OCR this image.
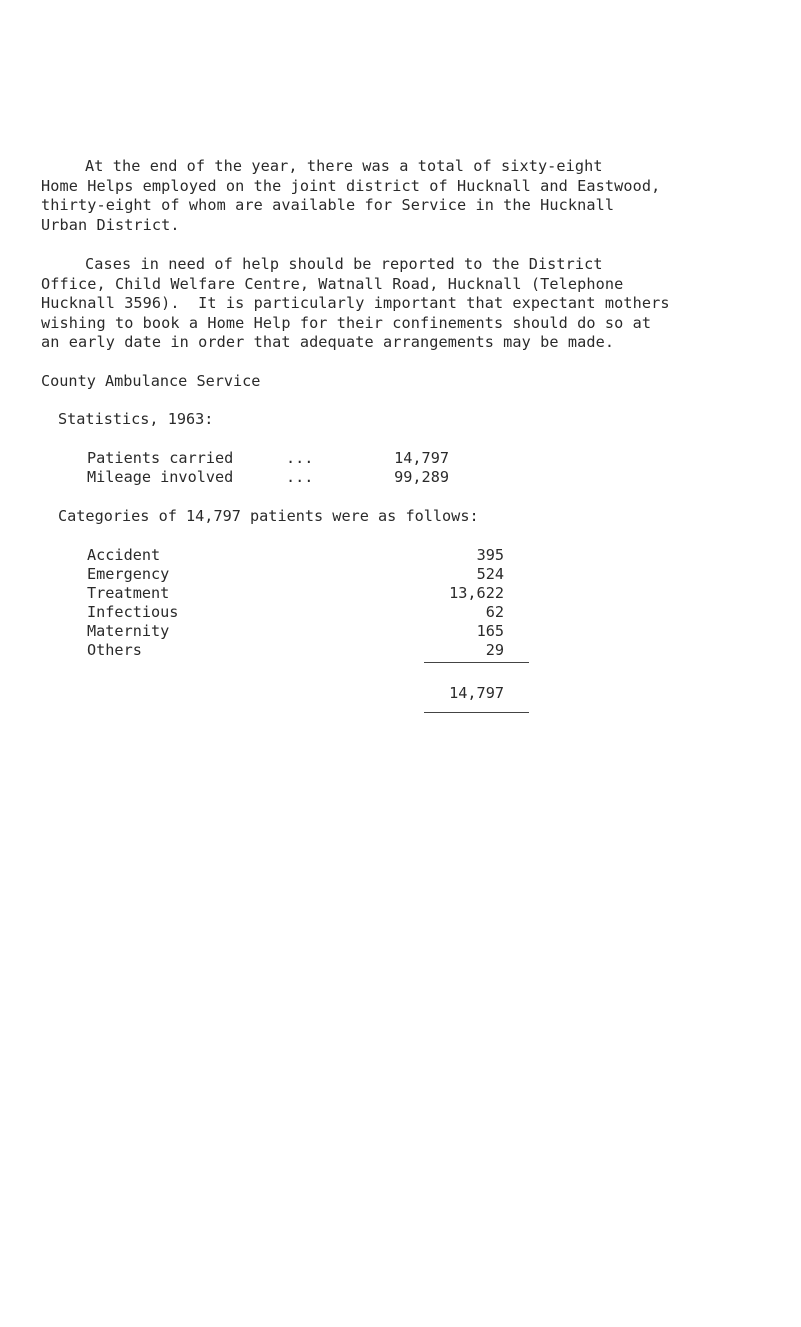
At the end of the year, there was a total of sixty-eight
Home Helps employed on the joint district of Hucknall and Eastwood,
thirty-eight of whom are available for Service in the Hucknall
Urban District.
Cases in need of help should be reported to the District
Office, Child Welfare Centre, Watnall Road, Hucknall (Telephone
Hucknall 3596).  It is particularly important that expectant mothers
wishing to book a Home Help for their confinements should do so at
an early date in order that adequate arrangements may be made.
County Ambulance Service
Statistics, 1963:
Patients carried	...	14,797
Mileage involved	...	99,289
Categories of 14,797 patients were as follows:
Accident	395
Emergency	524
Treatment	13,622
Infectious	62
Maternity	165
Others	29
14,797
